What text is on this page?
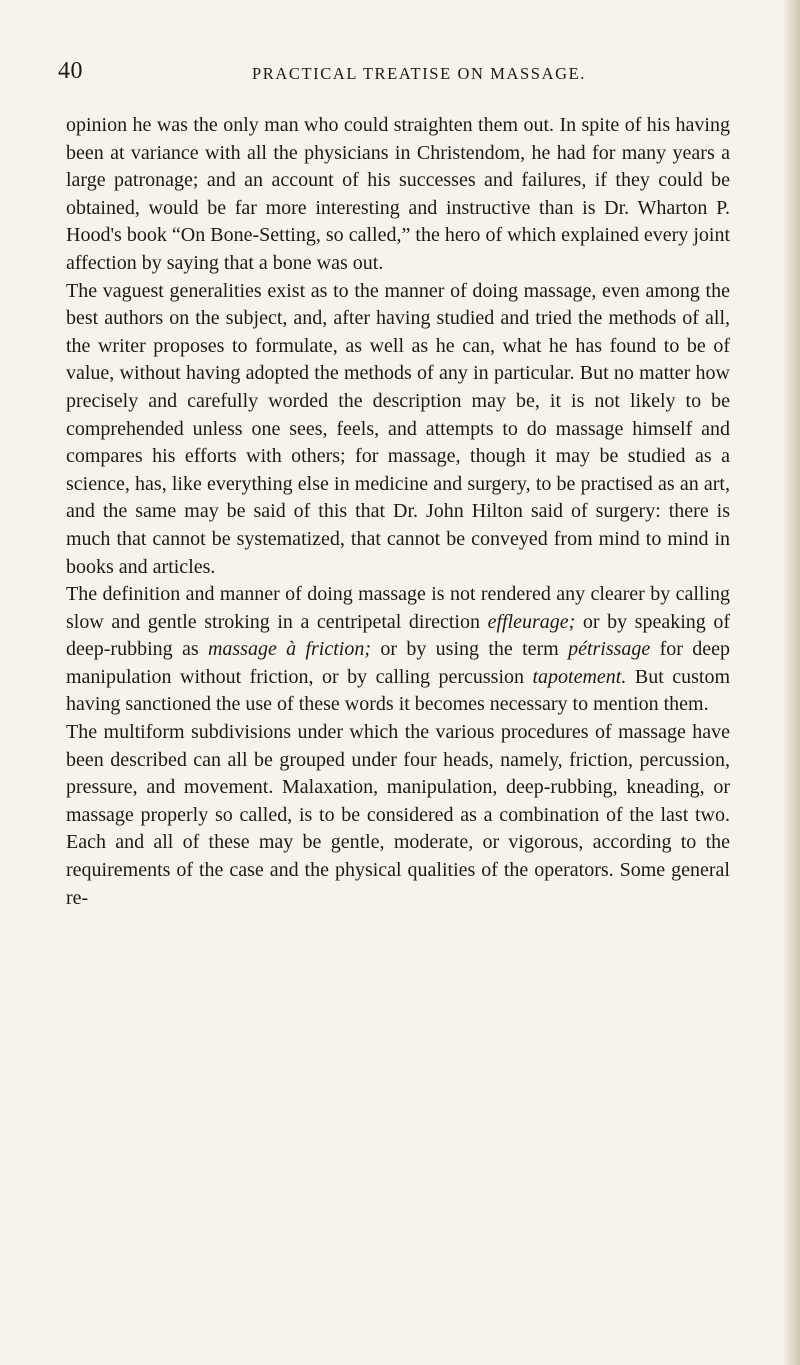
40	PRACTICAL TREATISE ON MASSAGE.

opinion he was the only man who could straighten them out. In spite of his having been at variance with all the physicians in Christendom, he had for many years a large patronage; and an account of his successes and failures, if they could be obtained, would be far more interesting and instructive than is Dr. Wharton P. Hood's book “On Bone-Setting, so called,” the hero of which explained every joint affection by saying that a bone was out.

The vaguest generalities exist as to the manner of doing massage, even among the best authors on the subject, and, after having studied and tried the methods of all, the writer proposes to formulate, as well as he can, what he has found to be of value, without having adopted the methods of any in particular. But no matter how precisely and carefully worded the description may be, it is not likely to be comprehended unless one sees, feels, and attempts to do massage himself and compares his efforts with others; for massage, though it may be studied as a science, has, like everything else in medicine and surgery, to be practised as an art, and the same may be said of this that Dr. John Hilton said of surgery: there is much that cannot be systematized, that cannot be conveyed from mind to mind in books and articles.

The definition and manner of doing massage is not rendered any clearer by calling slow and gentle stroking in a centripetal direction effleurage; or by speaking of deep-rubbing as massage à friction; or by using the term pétrissage for deep manipulation without friction, or by calling percussion tapotement. But custom having sanctioned the use of these words it becomes necessary to mention them.

The multiform subdivisions under which the various procedures of massage have been described can all be grouped under four heads, namely, friction, percussion, pressure, and movement. Malaxation, manipulation, deep-rubbing, kneading, or massage properly so called, is to be considered as a combination of the last two. Each and all of these may be gentle, moderate, or vigorous, according to the requirements of the case and the physical qualities of the operators. Some general re-
